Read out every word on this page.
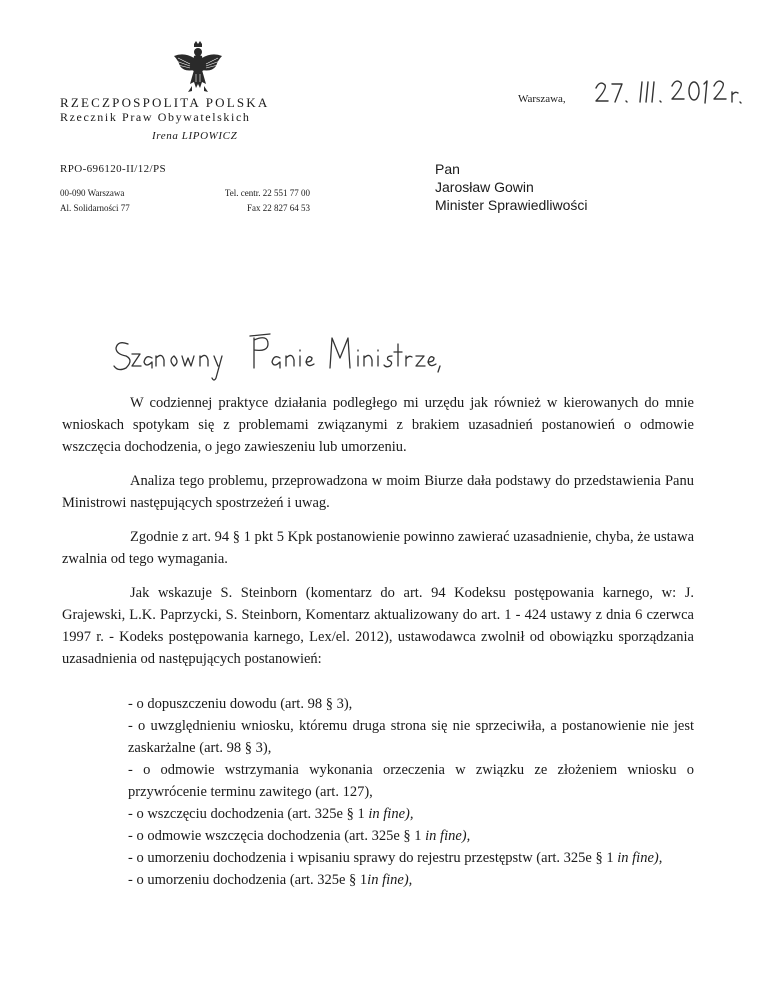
RZECZPOSPOLITA POLSKA
Rzecznik Praw Obywatelskich
Irena LIPOWICZ
RPO-696120-II/12/PS
00-090 Warszawa
Al. Solidarności 77
Tel. centr. 22 551 77 00
Fax 22 827 64 53
Warszawa,
Pan
Jarosław Gowin
Minister Sprawiedliwości

W codziennej praktyce działania podległego mi urzędu jak również w kierowanych do mnie wnioskach spotykam się z problemami związanymi z brakiem uzasadnień postanowień o odmowie wszczęcia dochodzenia, o jego zawieszeniu lub umorzeniu.

Analiza tego problemu, przeprowadzona w moim Biurze dała podstawy do przedstawienia Panu Ministrowi następujących spostrzeżeń i uwag.

Zgodnie z art. 94 § 1 pkt 5 Kpk postanowienie powinno zawierać uzasadnienie, chyba, że ustawa zwalnia od tego wymagania.

Jak wskazuje S. Steinborn (komentarz do art. 94 Kodeksu postępowania karnego, w: J. Grajewski, L.K. Paprzycki, S. Steinborn, Komentarz aktualizowany do art. 1 - 424 ustawy z dnia 6 czerwca 1997 r. - Kodeks postępowania karnego, Lex/el. 2012), ustawodawca zwolnił od obowiązku sporządzania uzasadnienia od następujących postanowień:

- o dopuszczeniu dowodu (art. 98 § 3),
- o uwzględnieniu wniosku, któremu druga strona się nie sprzeciwiła, a postanowienie nie jest zaskarżalne (art. 98 § 3),
- o odmowie wstrzymania wykonania orzeczenia w związku ze złożeniem wniosku o przywrócenie terminu zawitego (art. 127),
- o wszczęciu dochodzenia (art. 325e § 1 in fine),
- o odmowie wszczęcia dochodzenia (art. 325e § 1 in fine),
- o umorzeniu dochodzenia i wpisaniu sprawy do rejestru przestępstw (art. 325e § 1 in fine),
- o umorzeniu dochodzenia (art. 325e § 1in fine),
